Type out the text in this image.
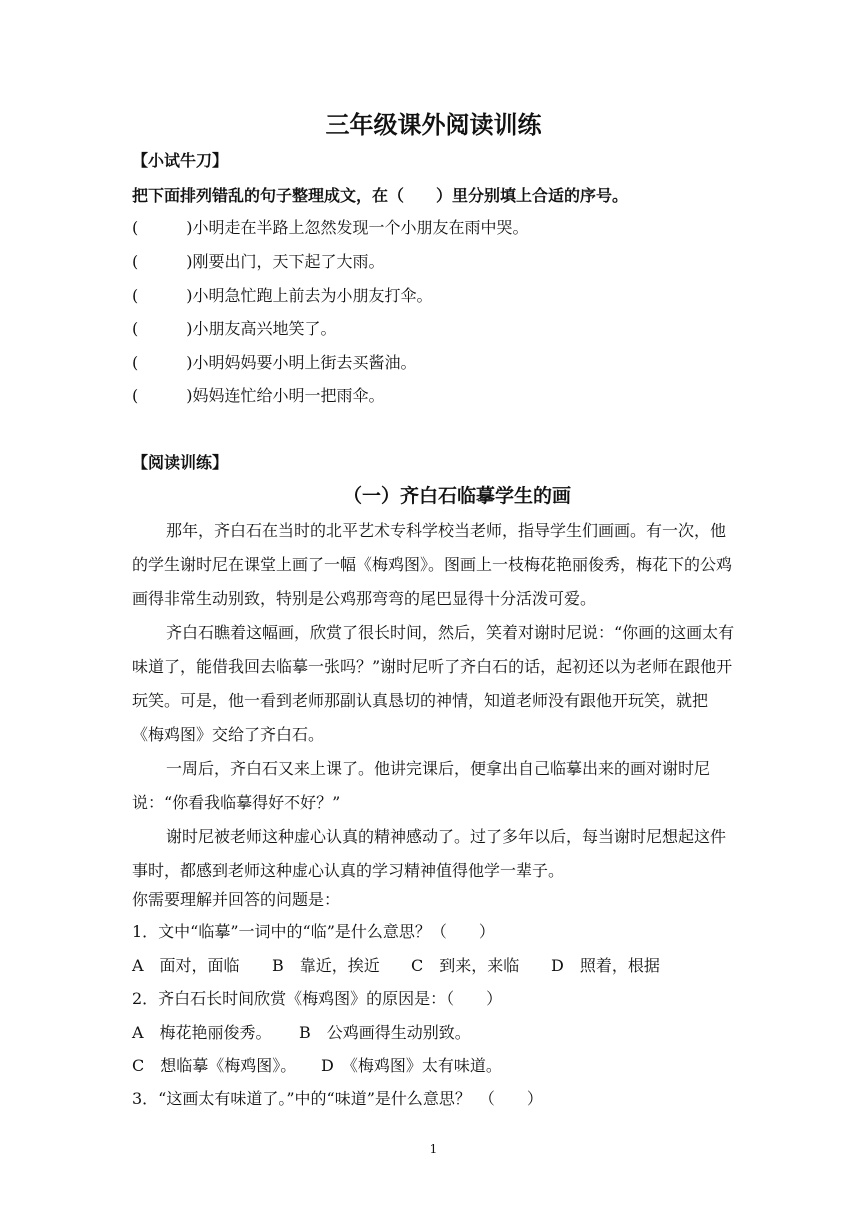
三年级课外阅读训练
【小试牛刀】
把下面排列错乱的句子整理成文，在（　　）里分别填上合适的序号。
(　　　)小明走在半路上忽然发现一个小朋友在雨中哭。
(　　　)刚要出门，天下起了大雨。
(　　　)小明急忙跑上前去为小朋友打伞。
(　　　)小朋友高兴地笑了。
(　　　)小明妈妈要小明上街去买酱油。
(　　　)妈妈连忙给小明一把雨伞。
【阅读训练】
（一）齐白石临摹学生的画
那年，齐白石在当时的北平艺术专科学校当老师，指导学生们画画。有一次，他的学生谢时尼在课堂上画了一幅《梅鸡图》。图画上一枝梅花艳丽俊秀，梅花下的公鸡画得非常生动别致，特别是公鸡那弯弯的尾巴显得十分活泼可爱。
齐白石瞧着这幅画，欣赏了很长时间，然后，笑着对谢时尼说：“你画的这画太有味道了，能借我回去临摹一张吗？”谢时尼听了齐白石的话，起初还以为老师在跟他开玩笑。可是，他一看到老师那副认真恳切的神情，知道老师没有跟他开玩笑，就把《梅鸡图》交给了齐白石。
一周后，齐白石又来上课了。他讲完课后，便拿出自己临摹出来的画对谢时尼说：“你看我临摹得好不好？”
谢时尼被老师这种虚心认真的精神感动了。过了多年以后，每当谢时尼想起这件事时，都感到老师这种虚心认真的学习精神值得他学一辈子。
你需要理解并回答的问题是：
1．文中“临摹”一词中的“临”是什么意思？（　　）
A　面对，面临 B　靠近，挨近 C　到来，来临 D　照着，根据
2．齐白石长时间欣赏《梅鸡图》的原因是：（　　）
A　梅花艳丽俊秀。 B　公鸡画得生动别致。
C　想临摹《梅鸡图》。 D　《梅鸡图》太有味道。
3．“这画太有味道了。”中的“味道”是什么意思？　（　　）
1
